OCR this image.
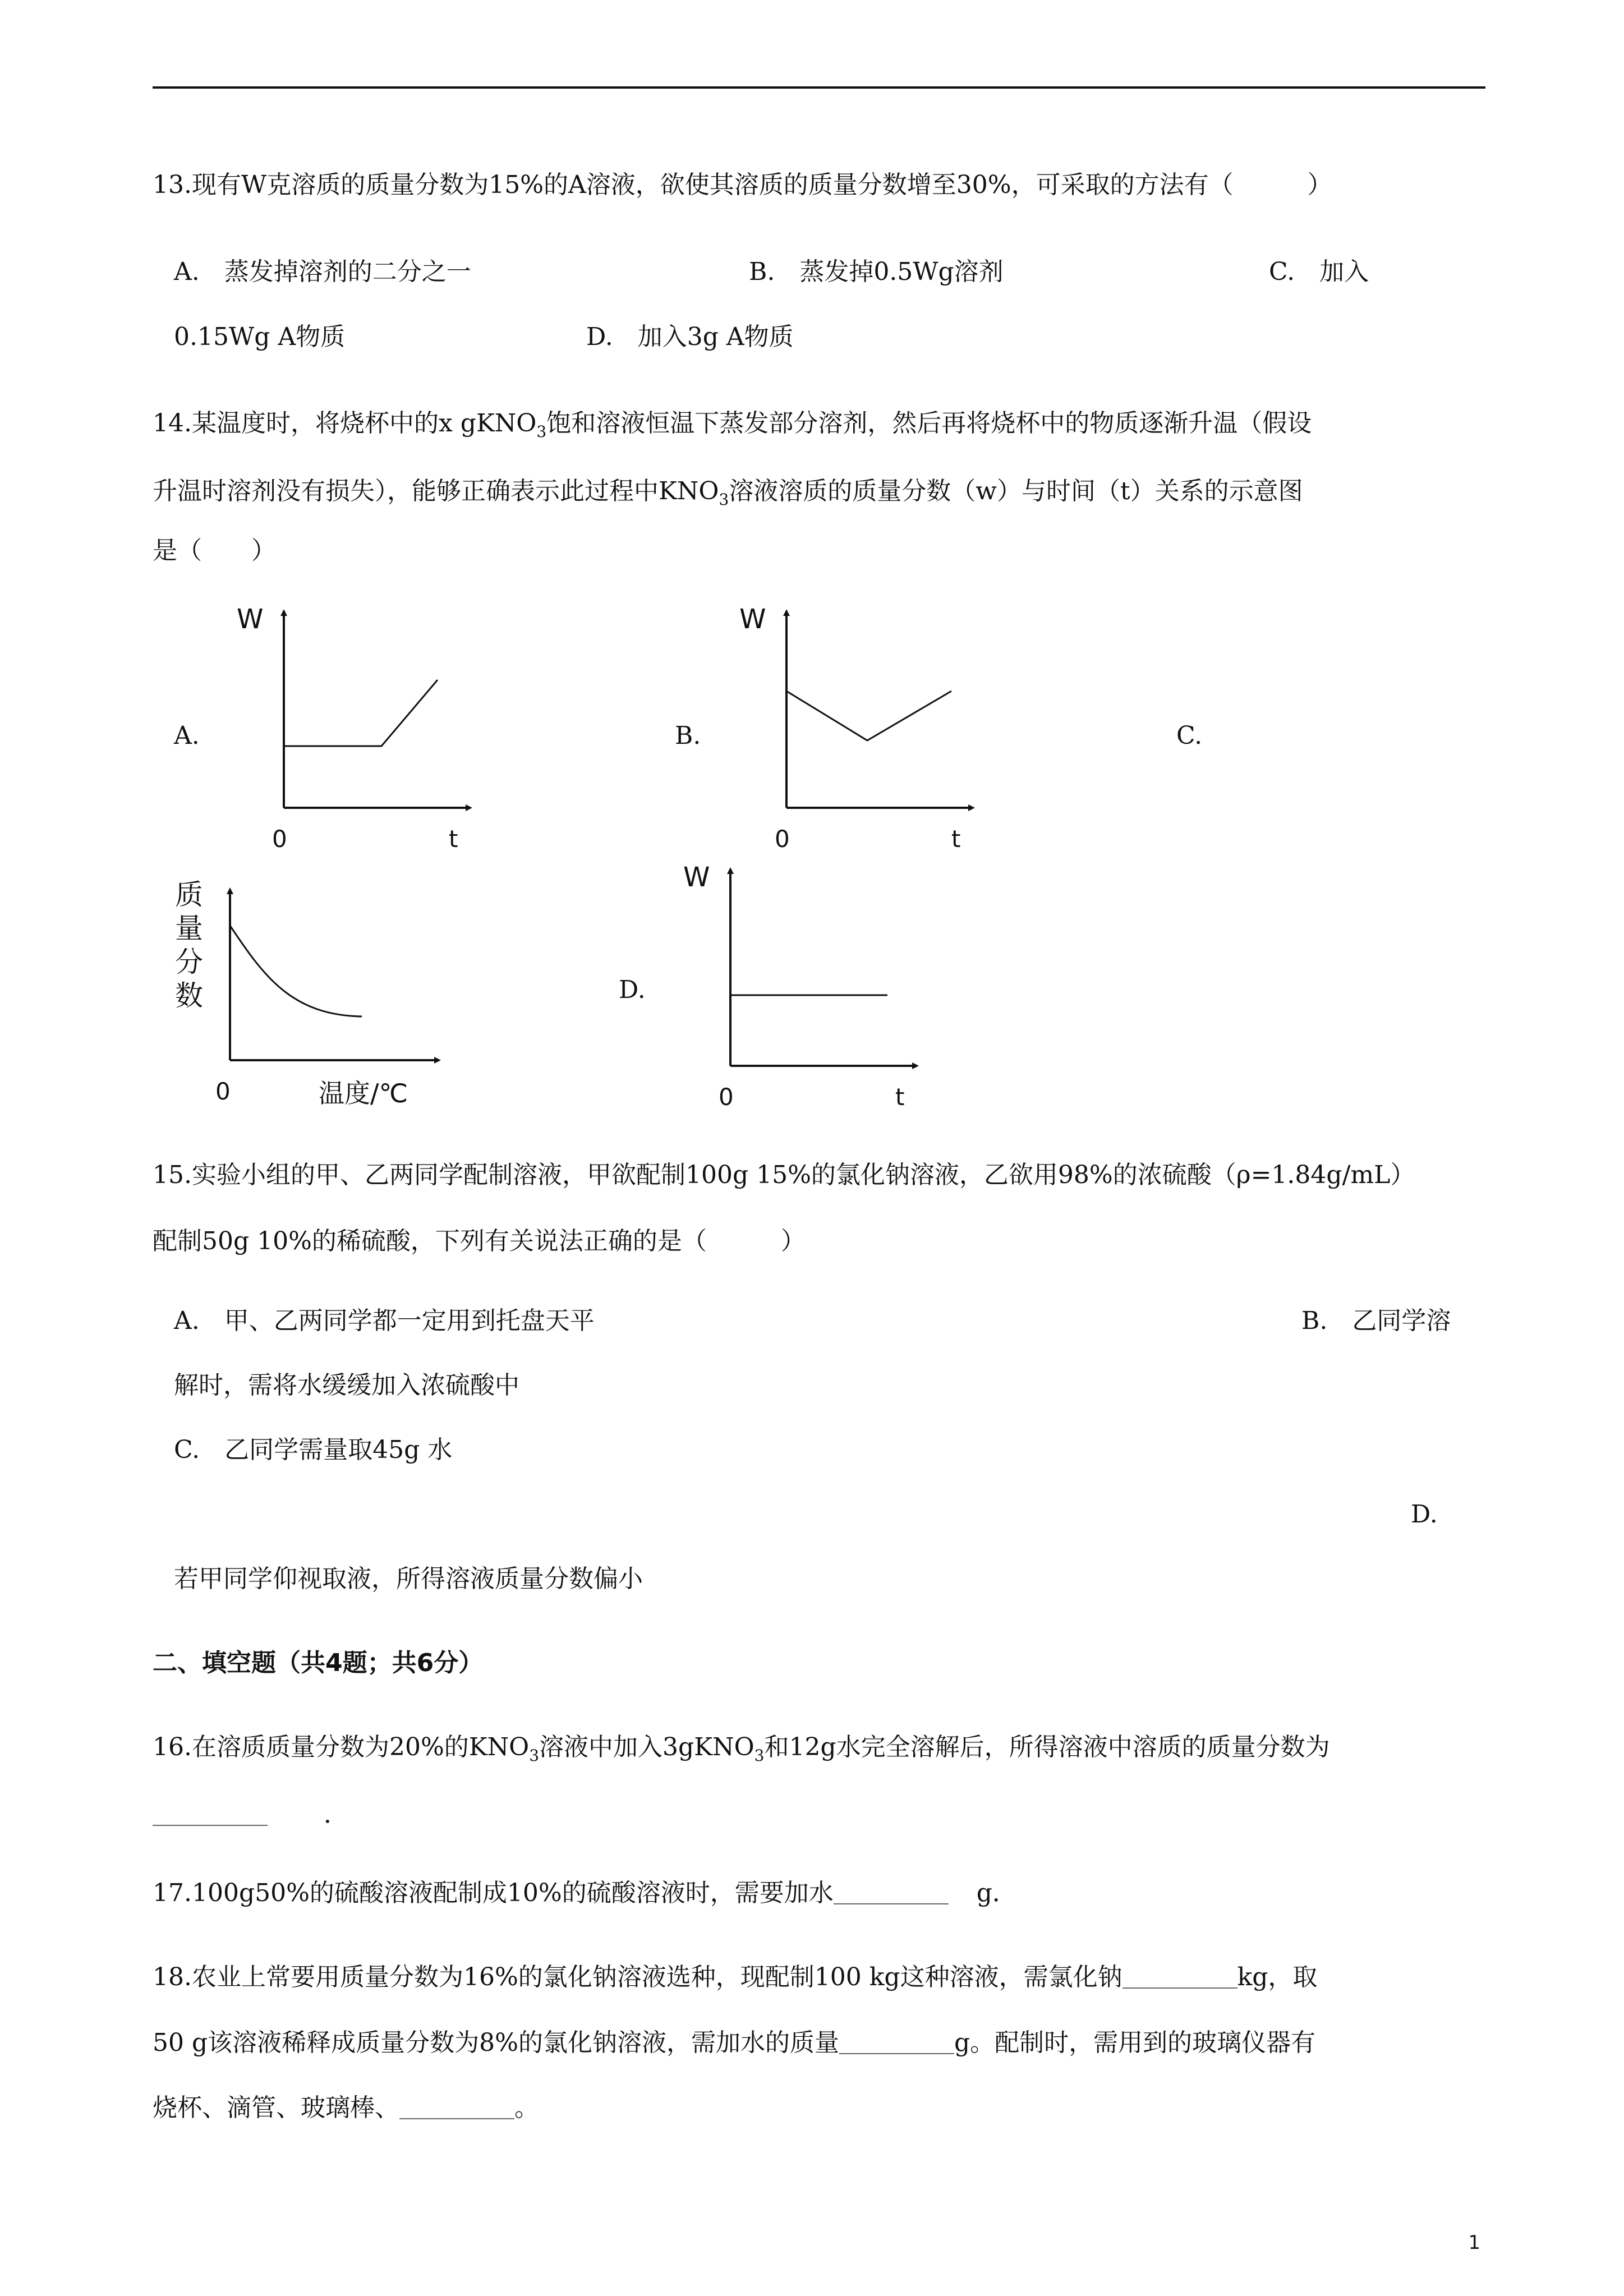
13.现有W克溶质的质量分数为15%的A溶液，欲使其溶质的质量分数增至30%，可采取的方法有（　　　）
A.　蒸发掉溶剂的二分之一	B.　蒸发掉0.5Wg溶剂	C.　加入
0.15Wg A物质	D.　加入3g A物质
14.某温度时，将烧杯中的x gKNO$_3$饱和溶液恒温下蒸发部分溶剂，然后再将烧杯中的物质逐渐升温（假设
升温时溶剂没有损失），能够正确表示此过程中$KNO_3$溶液溶质的质量分数（w）与时间（t）关系的示意图
是（　　）
A.	B.	C.
D.
W
0	t
W
0	t
质
量
分
数
0	温度/℃
W
0	t
15.实验小组的甲、乙两同学配制溶液，甲欲配制100g 15%的氯化钠溶液，乙欲用98%的浓硫酸（ρ=1.84g/mL）
配制50g 10%的稀硫酸，下列有关说法正确的是（　　　）
A.　甲、乙两同学都一定用到托盘天平	B.　乙同学溶
解时，需将水缓缓加入浓硫酸中
C.　乙同学需量取45g 水
D.
若甲同学仰视取液，所得溶液质量分数偏小
二、填空题（共4题；共6分）
16.在溶质质量分数为20%的$KNO_3$溶液中加入3gKNO$_3$和12g水完全溶解后，所得溶液中溶质的质量分数为
．
17.100g50%的硫酸溶液配制成10%的硫酸溶液时，需要加水	g．
18.农业上常要用质量分数为16%的氯化钠溶液选种，现配制100 kg这种溶液，需氯化钠	kg，取
50 g该溶液稀释成质量分数为8%的氯化钠溶液，需加水的质量	g。配制时，需用到的玻璃仪器有
烧杯、滴管、玻璃棒、	。
1
